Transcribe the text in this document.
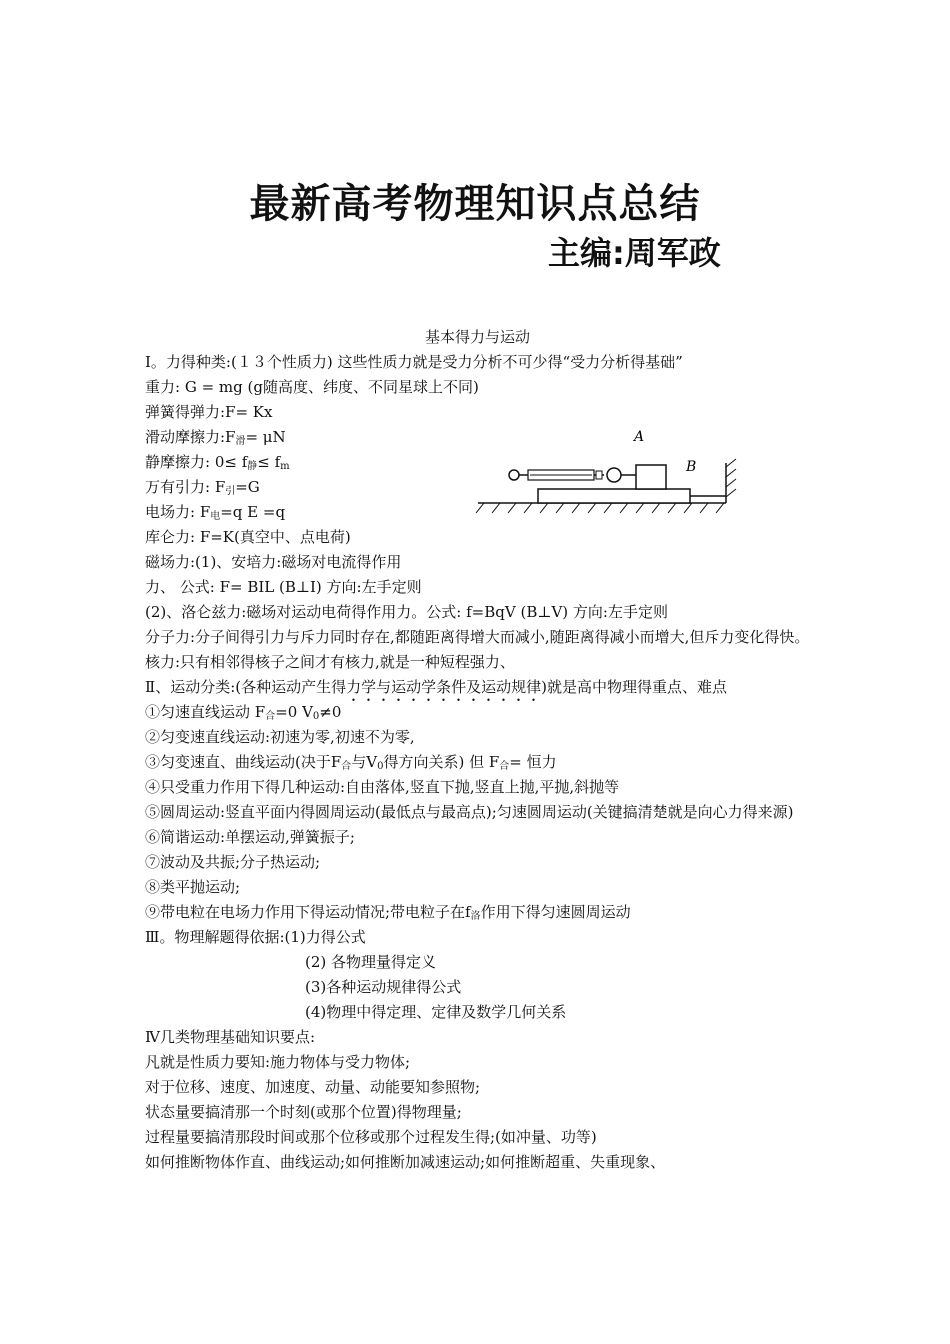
最新高考物理知识点总结
主编:周军政
基本得力与运动
Ⅰ。力得种类:(１３个性质力) 这些性质力就是受力分析不可少得“受力分析得基础”
重力: G = mg (g随高度、纬度、不同星球上不同)
弹簧得弹力:F= Kx
滑动摩擦力$:F_滑= \mu N$
静摩擦力: $0\le f_静\le f_m$
万有引力: $F_引=G$
电场力: $F_电=q$ E =q
库仑力: F=K(真空中、点电荷)
磁场力:(1)、安培力:磁场对电流得作用
力、 公式: F= BIL (B⊥I) 方向:左手定则
(2)、洛仑兹力:磁场对运动电荷得作用力。公式: f=BqV (B⊥V) 方向:左手定则
分子力:分子间得引力与斥力同时存在,都随距离得增大而减小,随距离得减小而增大,但斥力变化得快。
核力:只有相邻得核子之间才有核力,就是一种短程强力、
Ⅱ、运动分类:(各种运动产生得力学与运动学条件及运动规律)就是高中物理得重点、难点
①匀速直线运动 $F_合=0$ $V_0\ne 0$
②匀变速直线运动:初速为零,初速不为零,
③匀变速直、曲线运动(决于$F_合$与$V_0$得方向关系) 但 $F_合=$ 恒力
④只受重力作用下得几种运动:自由落体,竖直下抛,竖直上抛,平抛,斜抛等
⑤圆周运动:竖直平面内得圆周运动(最低点与最高点);匀速圆周运动(关键搞清楚就是向心力得来源)
⑥简谐运动:单摆运动,弹簧振子;
⑦波动及共振;分子热运动;
⑧类平抛运动;
⑨带电粒在电场力作用下得运动情况;带电粒子在$f_洛$作用下得匀速圆周运动
Ⅲ。物理解题得依据:(1)力得公式
(2) 各物理量得定义
(3)各种运动规律得公式
(4)物理中得定理、定律及数学几何关系
Ⅳ几类物理基础知识要点:
凡就是性质力要知:施力物体与受力物体;
对于位移、速度、加速度、动量、动能要知参照物;
状态量要搞清那一个时刻(或那个位置)得物理量;
过程量要搞清那段时间或那个位移或那个过程发生得;(如冲量、功等)
如何推断物体作直、曲线运动;如何推断加减速运动;如何推断超重、失重现象、
A
B
